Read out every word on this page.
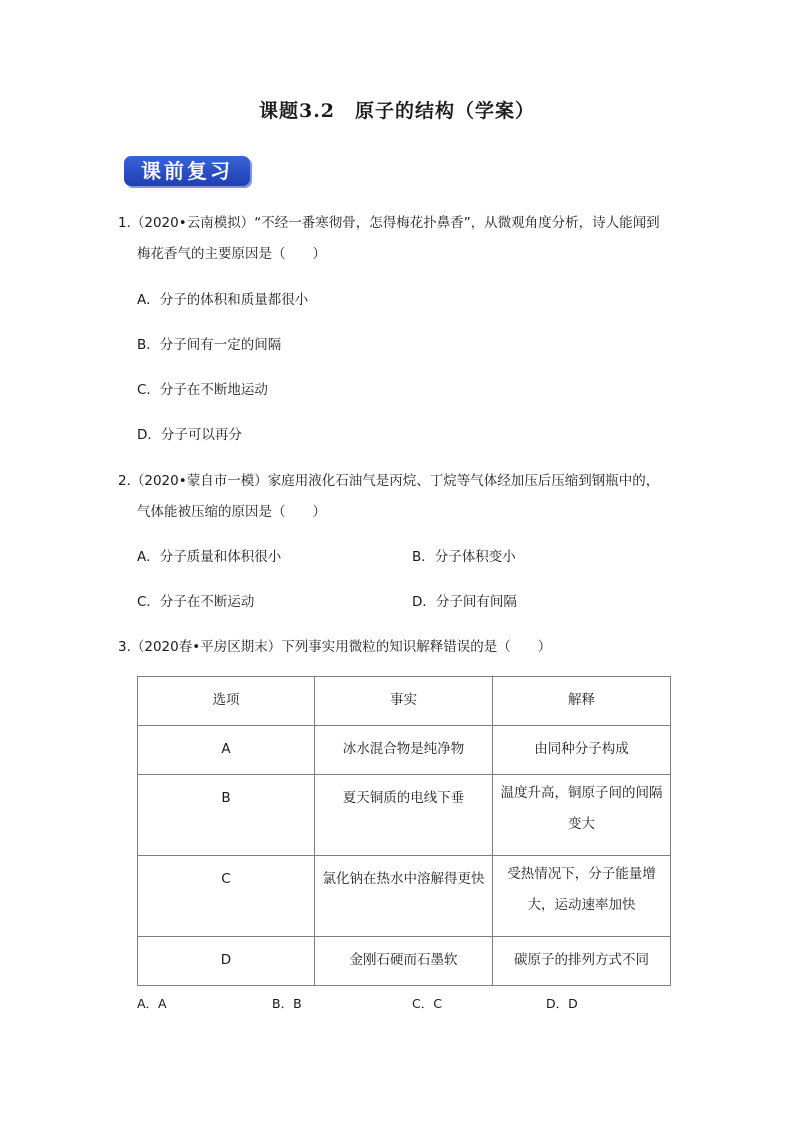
课题3.2　原子的结构（学案）
课前复习
1.（2020•云南模拟）“不经一番寒彻骨，怎得梅花扑鼻香”，从微观角度分析，诗人能闻到
梅花香气的主要原因是（　　）
A．分子的体积和质量都很小
B．分子间有一定的间隔
C．分子在不断地运动
D．分子可以再分
2.（2020•蒙自市一模）家庭用液化石油气是丙烷、丁烷等气体经加压后压缩到钢瓶中的，
气体能被压缩的原因是（　　）
A．分子质量和体积很小	B．分子体积变小
C．分子在不断运动	D．分子间有间隔
3.（2020春•平房区期末）下列事实用微粒的知识解释错误的是（　　）
选项	事实	解释
A	冰水混合物是纯净物	由同种分子构成
B	夏天铜质的电线下垂	温度升高，铜原子间的间隔变大
C	氯化钠在热水中溶解得更快	受热情况下，分子能量增大，运动速率加快
D	金刚石硬而石墨软	碳原子的排列方式不同
A．A	B．B	C．C	D．D
